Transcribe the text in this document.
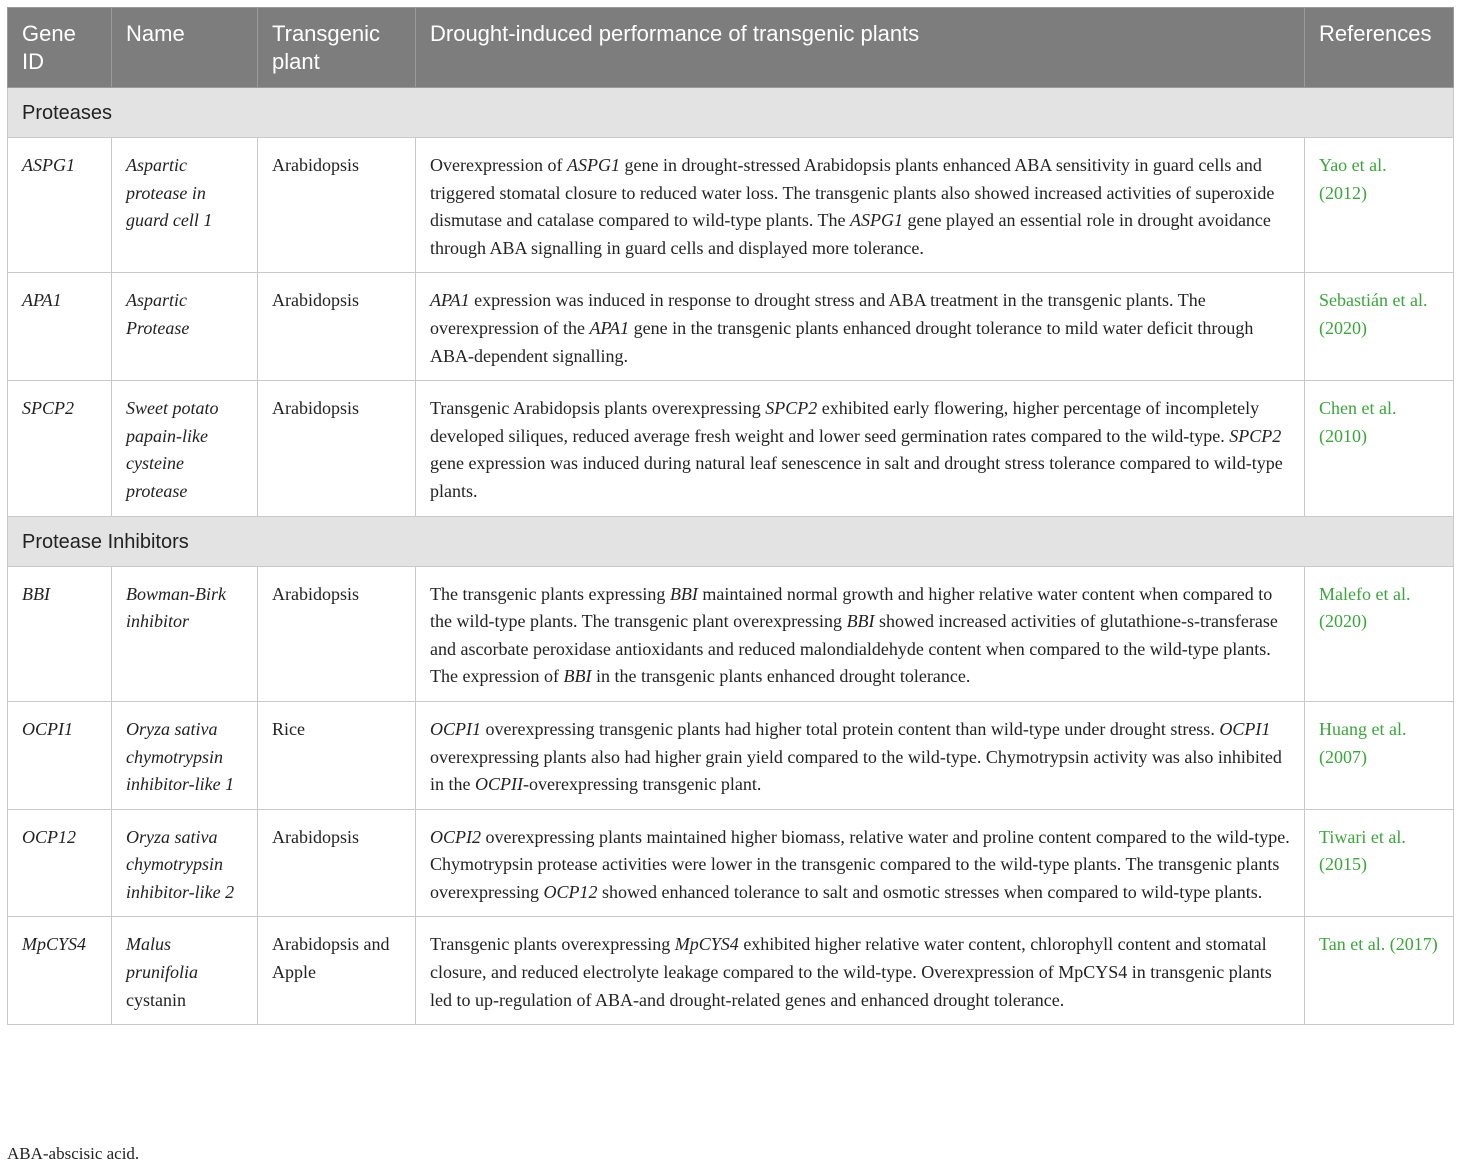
Gene ID	Name	Transgenic plant	Drought-induced performance of transgenic plants	References
Proteases				
ASPG1	Aspartic protease in guard cell 1	Arabidopsis	Overexpression of ASPG1 gene in drought-stressed Arabidopsis plants enhanced ABA sensitivity in guard cells and triggered stomatal closure to reduced water loss. The transgenic plants also showed increased activities of superoxide dismutase and catalase compared to wild-type plants. The ASPG1 gene played an essential role in drought avoidance through ABA signalling in guard cells and displayed more tolerance.	Yao et al. (2012)
APA1	Aspartic Protease	Arabidopsis	APA1 expression was induced in response to drought stress and ABA treatment in the transgenic plants. The overexpression of the APA1 gene in the transgenic plants enhanced drought tolerance to mild water deficit through ABA-dependent signalling.	Sebastián et al. (2020)
SPCP2	Sweet potato papain-like cysteine protease	Arabidopsis	Transgenic Arabidopsis plants overexpressing SPCP2 exhibited early flowering, higher percentage of incompletely developed siliques, reduced average fresh weight and lower seed germination rates compared to the wild-type. SPCP2 gene expression was induced during natural leaf senescence in salt and drought stress tolerance compared to wild-type plants.	Chen et al. (2010)
Protease Inhibitors				
BBI	Bowman-Birk inhibitor	Arabidopsis	The transgenic plants expressing BBI maintained normal growth and higher relative water content when compared to the wild-type plants. The transgenic plant overexpressing BBI showed increased activities of glutathione-s-transferase and ascorbate peroxidase antioxidants and reduced malondialdehyde content when compared to the wild-type plants. The expression of BBI in the transgenic plants enhanced drought tolerance.	Malefo et al. (2020)
OCPI1	Oryza sativa chymotrypsin inhibitor-like 1	Rice	OCPI1 overexpressing transgenic plants had higher total protein content than wild-type under drought stress. OCPI1 overexpressing plants also had higher grain yield compared to the wild-type. Chymotrypsin activity was also inhibited in the OCPII-overexpressing transgenic plant.	Huang et al. (2007)
OCP12	Oryza sativa chymotrypsin inhibitor-like 2	Arabidopsis	OCPI2 overexpressing plants maintained higher biomass, relative water and proline content compared to the wild-type. Chymotrypsin protease activities were lower in the transgenic compared to the wild-type plants. The transgenic plants overexpressing OCP12 showed enhanced tolerance to salt and osmotic stresses when compared to wild-type plants.	Tiwari et al. (2015)
MpCYS4	Malus prunifolia cystanin	Arabidopsis and Apple	Transgenic plants overexpressing MpCYS4 exhibited higher relative water content, chlorophyll content and stomatal closure, and reduced electrolyte leakage compared to the wild-type. Overexpression of MpCYS4 in transgenic plants led to up-regulation of ABA-and drought-related genes and enhanced drought tolerance.	Tan et al. (2017)
ABA-abscisic acid.
